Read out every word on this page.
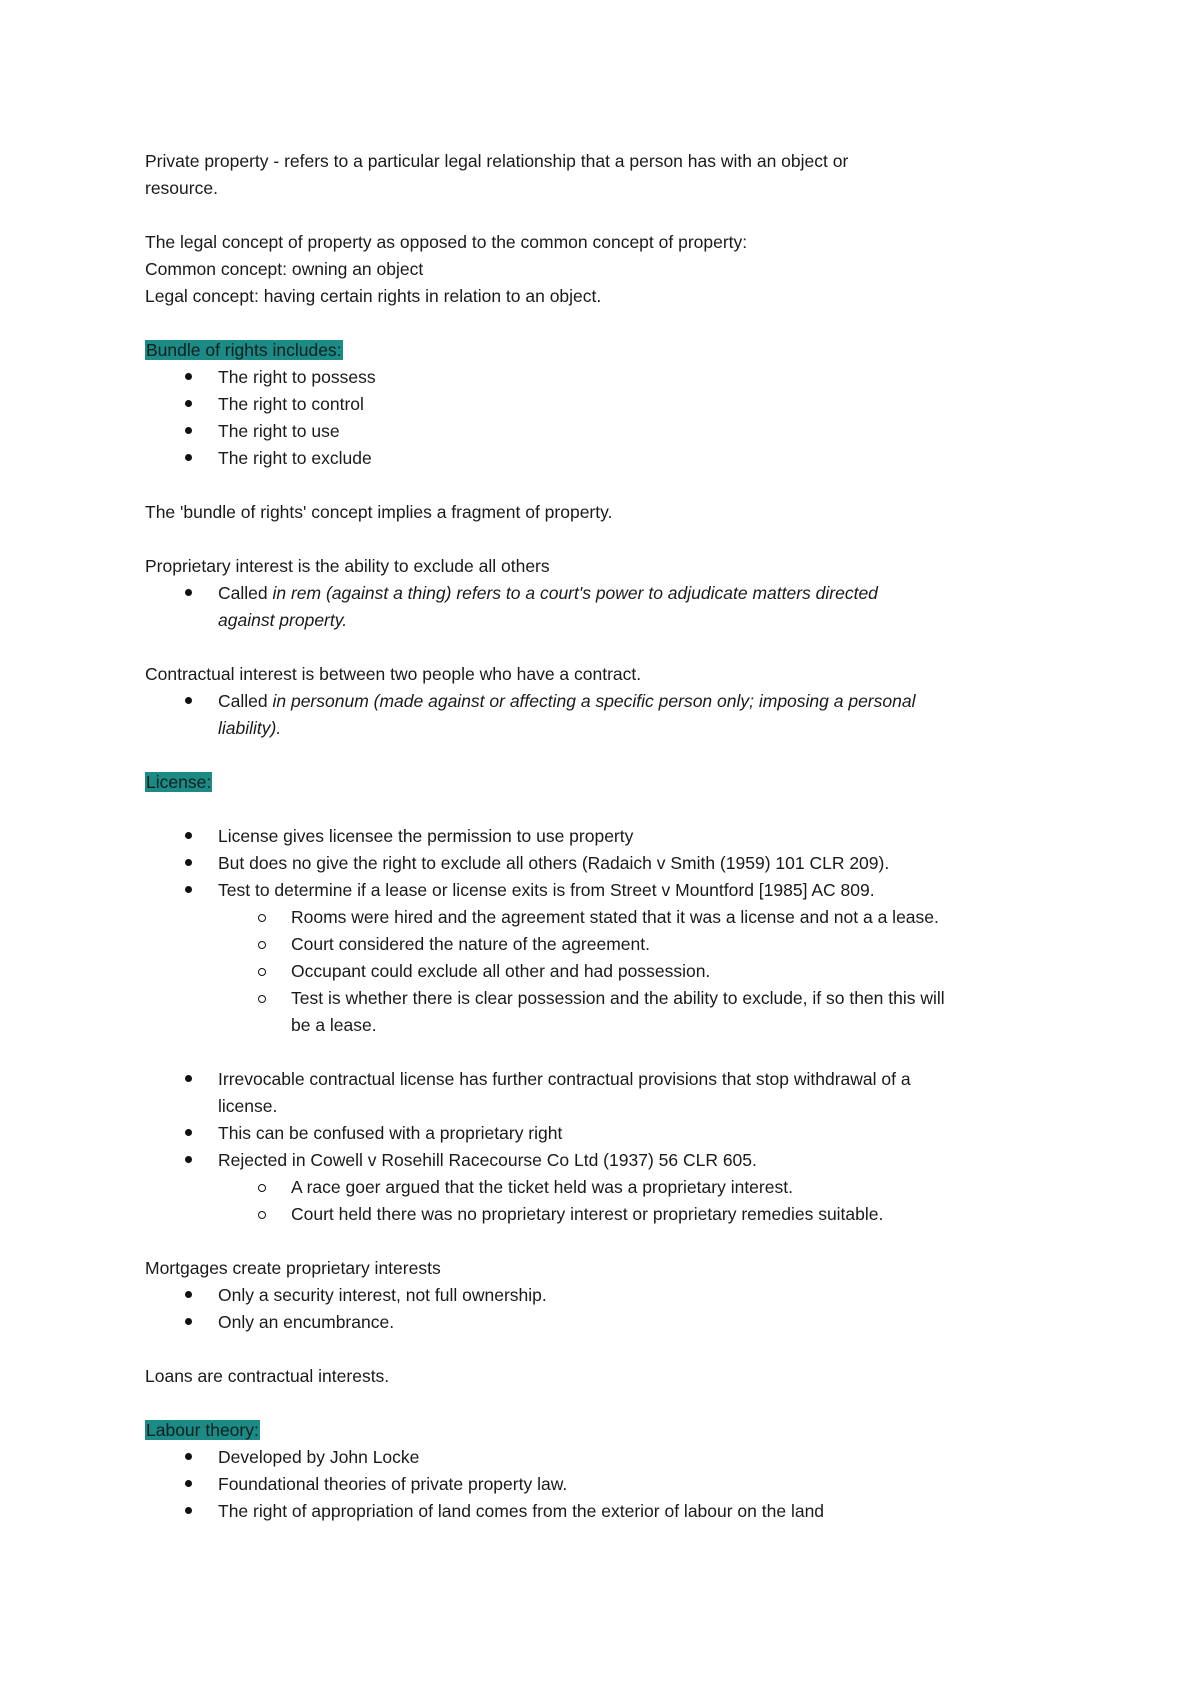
Private property - refers to a particular legal relationship that a person has with an object or

resource.

The legal concept of property as opposed to the common concept of property:

Common concept: owning an object

Legal concept: having certain rights in relation to an object.

Bundle of rights includes:

The right to possess
The right to control
The right to use
The right to exclude

The 'bundle of rights' concept implies a fragment of property.

Proprietary interest is the ability to exclude all others

Called in rem (against a thing) refers to a court's power to adjudicate matters directed
against property.

Contractual interest is between two people who have a contract.

Called in personum (made against or affecting a specific person only; imposing a personal
liability).

License:

License gives licensee the permission to use property
But does no give the right to exclude all others (Radaich v Smith (1959) 101 CLR 209).
Test to determine if a lease or license exits is from Street v Mountford [1985] AC 809.
Rooms were hired and the agreement stated that it was a license and not a a lease.
Court considered the nature of the agreement.
Occupant could exclude all other and had possession.
Test is whether there is clear possession and the ability to exclude, if so then this will
be a lease.
Irrevocable contractual license has further contractual provisions that stop withdrawal of a
license.
This can be confused with a proprietary right
Rejected in Cowell v Rosehill Racecourse Co Ltd (1937) 56 CLR 605.
A race goer argued that the ticket held was a proprietary interest.
Court held there was no proprietary interest or proprietary remedies suitable.

Mortgages create proprietary interests

Only a security interest, not full ownership.
Only an encumbrance.

Loans are contractual interests.

Labour theory:

Developed by John Locke
Foundational theories of private property law.
The right of appropriation of land comes from the exterior of labour on the land
